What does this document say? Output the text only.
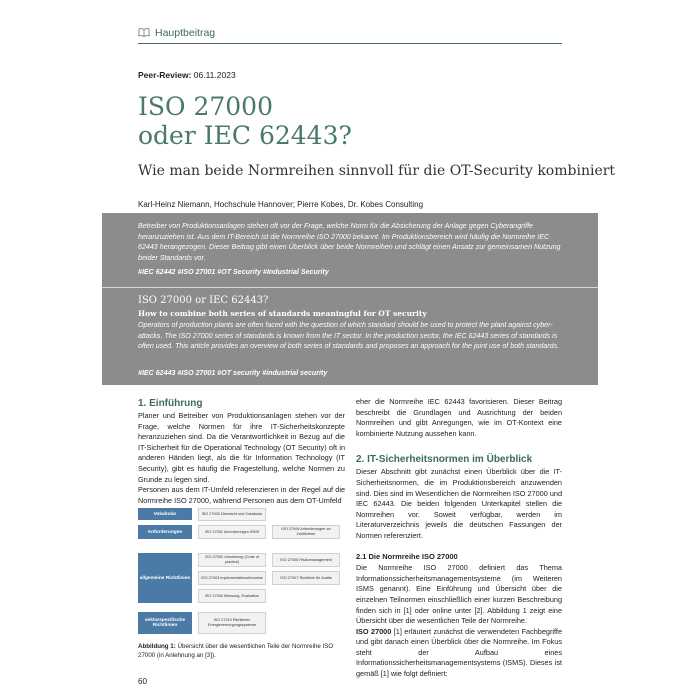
Hauptbeitrag
Peer-Review: 06.11.2023
ISO 27000
oder IEC 62443?
Wie man beide Normreihen sinnvoll für die OT-Security kombiniert
Karl-Heinz Niemann, Hochschule Hannover; Pierre Kobes, Dr. Kobes Consulting
Betreiber von Produktionsanlagen stehen oft vor der Frage, welche Norm für die Absicherung der Anlage gegen Cyberangriffe heranzuziehen ist. Aus dem IT-Bereich ist die Normreihe ISO 27000 bekannt. Im Produktionsbereich wird häufig die Normreihe IEC 62443 herangezogen. Dieser Beitrag gibt einen Überblick über beide Normreihen und schlägt einen Ansatz zur gemeinsamen Nutzung beider Standards vor.
#IEC 62442 #ISO 27001 #OT Security #Industrial Security
ISO 27000 or IEC 62443?
How to combine both series of standards meaningful for OT security
Operators of production plants are often faced with the question of which standard should be used to protect the plant against cyber-attacks. The ISO 27000 series of standards is known from the IT sector. In the production sector, the IEC 62443 series of standards is often used. This article provides an overview of both series of standards and proposes an approach for the joint use of both standards.
#IEC 62443 #ISO 27001 #OT security #industrial security
1. Einführung

Planer und Betreiber von Produktionsanlagen stehen vor der Frage, welche Normen für ihre IT-Sicherheitskonzepte heranzuziehen sind. Da die Verantwortlichkeit in Bezug auf die IT-Sicherheit für die Operational Technology (OT Security) oft in anderen Händen liegt, als die für Information Technology (IT Security), gibt es häufig die Fragestellung, welche Normen zu Grunde zu legen sind.

Personen aus dem IT-Umfeld referenzieren in der Regel auf die Normreihe ISO 27000, während Personen aus dem OT-Umfeld

eher die Normreihe IEC 62443 favorisieren. Dieser Beitrag beschreibt die Grundlagen und Ausrichtung der beiden Normreihen und gibt Anregungen, wie im OT-Kontext eine kombinierte Nutzung aussehen kann.

2. IT-Sicherheitsnormen im Überblick

Dieser Abschnitt gibt zunächst einen Überblick über die IT-Sicherheitsnormen, die im Produktionsbereich anzuwenden sind. Dies sind im Wesentlichen die Normreihen ISO 27000 und IEC 62443. Die beiden folgenden Unterkapitel stellen die Normreihen vor. Soweit verfügbar, werden im Literaturverzeichnis jeweils die deutschen Fassungen der Normen referenziert.

2.1 Die Normreihe ISO 27000

Die Normreihe ISO 27000 definiert das Thema Informationssicherheitsmanagementsysteme (im Weiteren ISMS genannt). Eine Einführung und Übersicht über die einzelnen Teilnormen einschließlich einer kurzen Beschreibung finden sich in [1] oder online unter [2]. Abbildung 1 zeigt eine Übersicht über die wesentlichen Teile der Normreihe.

ISO 27000 [1] erläutert zunächst die verwendeten Fachbegriffe und gibt danach einen Überblick über die Normreihe. Im Fokus steht der Aufbau eines Informationssicherheitsmanagementsystems (ISMS). Dieses ist gemäß [1] wie folgt definiert:

Vokabular
Anforderungen
allgemeine Richtlinien
sektorspezifische Richtlinien
ISO 27000 Übersicht und Vokabular
ISO 27001 Anforderungen ISMS
ISO 27006 Anforderungen an Zertifizierer
ISO 27002 Umsetzung (Code of practice)
ISO 27005 Risikomanagement
ISO 27003 Implementationshinweise	ISO 27007 Richtlinie für Audits
ISO 27004 Messung, Evaluation
ISO 27019 Richtlinien Energieversorgungssysteme
Abbildung 1: Übersicht über die wesentlichen Teile der Normreihe ISO 27000 (in Anlehnung an [3]).
60
